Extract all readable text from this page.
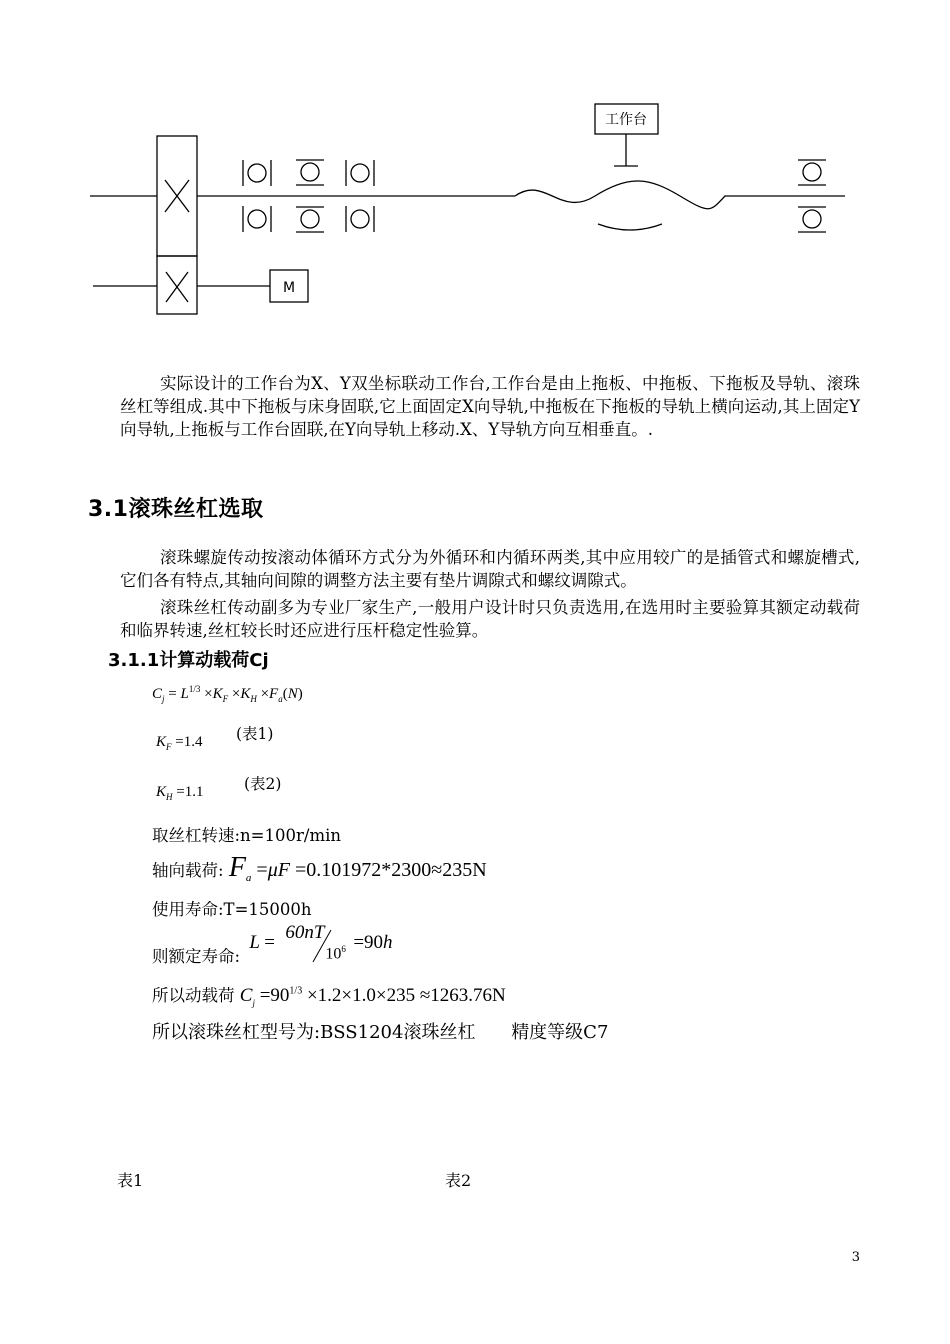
工作台
M

实际设计的工作台为X、Y双坐标联动工作台,工作台是由上拖板、中拖板、下拖板及导轨、滚珠丝杠等组成.其中下拖板与床身固联,它上面固定X向导轨,中拖板在下拖板的导轨上横向运动,其上固定Y向导轨,上拖板与工作台固联,在Y向导轨上移动.X、Y导轨方向互相垂直。.

3.1滚珠丝杠选取

滚珠螺旋传动按滚动体循环方式分为外循环和内循环两类,其中应用较广的是插管式和螺旋槽式,它们各有特点,其轴向间隙的调整方法主要有垫片调隙式和螺纹调隙式。

滚珠丝杠传动副多为专业厂家生产,一般用户设计时只负责选用,在选用时主要验算其额定动载荷和临界转速,丝杠较长时还应进行压杆稳定性验算。

3.1.1计算动载荷Cj
$C_j = L^{1/3} \times K_F \times K_H \times F_a(N)$
$K_F =1.4$ (表1)
$K_H =1.1$	(表2)
取丝杠转速:n=100r/min
轴向载荷: $F_a =\mu F =0.101972*2300\approx 235N$
使用寿命:T=15000h
则额定寿命:
L = 60nT
$10^6 =90h$
所以动载荷 $C_j =90^{1/3} \times 1.2\times 1.0\times 235 \approx 1263.76N$
所以滚珠丝杠型号为:BSS1204滚珠丝杠 精度等级C7
表1	表2
3
